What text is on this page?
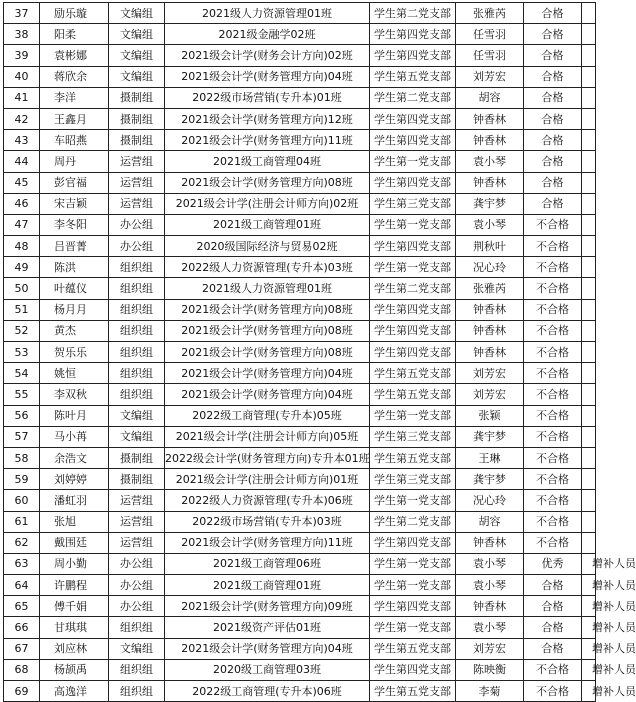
37	励乐璇	文编组	2021级人力资源管理01班	学生第二党支部	张雅芮	合格	
38	阳柔	文编组	2021级金融学02班	学生第四党支部	任雪羽	合格	
39	袁彬娜	文编组	2021级会计学(财务会计方向)02班	学生第四党支部	任雪羽	合格	
40	蒋欣余	文编组	2021级会计学(财务管理方向)04班	学生第五党支部	刘芳宏	合格	
41	李洋	摄制组	2022级市场营销(专升本)01班	学生第二党支部	胡容	合格	
42	王鑫月	摄制组	2021级会计学(财务管理方向)12班	学生第四党支部	钟香林	合格	
43	车昭燕	摄制组	2021级会计学(财务管理方向)11班	学生第四党支部	钟香林	合格	
44	周丹	运营组	2021级工商管理04班	学生第一党支部	袁小琴	合格	
45	彭官福	运营组	2021级会计学(财务管理方向)08班	学生第四党支部	钟香林	合格	
46	宋吉颖	运营组	2021级会计学(注册会计师方向)02班	学生第三党支部	龚宇梦	合格	
47	李冬阳	办公组	2021级工商管理01班	学生第一党支部	袁小琴	不合格	
48	吕晋菁	办公组	2020级国际经济与贸易02班	学生第四党支部	荆秋叶	不合格	
49	陈洪	组织组	2022级人力资源管理(专升本)03班	学生第一党支部	况心玲	不合格	
50	叶蕴仪	组织组	2021级人力资源管理01班	学生第二党支部	张雅芮	不合格	
51	杨月月	组织组	2021级会计学(财务管理方向)08班	学生第四党支部	钟香林	不合格	
52	黄杰	组织组	2021级会计学(财务管理方向)08班	学生第四党支部	钟香林	不合格	
53	贺乐乐	组织组	2021级会计学(财务管理方向)08班	学生第四党支部	钟香林	不合格	
54	姚恒	组织组	2021级会计学(财务管理方向)04班	学生第五党支部	刘芳宏	不合格	
55	李双秋	组织组	2021级会计学(财务管理方向)04班	学生第五党支部	刘芳宏	不合格	
56	陈叶月	文编组	2022级工商管理(专升本)05班	学生第一党支部	张颖	不合格	
57	马小苒	文编组	2021级会计学(注册会计师方向)05班	学生第三党支部	龚宇梦	不合格	
58	余浩文	摄制组	2022级会计学(财务管理方向)专升本01班	学生第五党支部	王琳	不合格	
59	刘婷婷	摄制组	2021级会计学(注册会计师方向)01班	学生第三党支部	龚宇梦	不合格	
60	潘虹羽	运营组	2022级人力资源管理(专升本)06班	学生第一党支部	况心玲	不合格	
61	张旭	运营组	2022级市场营销(专升本)03班	学生第二党支部	胡容	不合格	
62	戴围廷	运营组	2021级会计学(财务管理方向)11班	学生第四党支部	钟香林	不合格	
63	周小勤	办公组	2021级工商管理06班	学生第一党支部	袁小琴	优秀	增补人员
64	许鹏程	办公组	2021级工商管理01班	学生第一党支部	袁小琴	合格	增补人员
65	傅千娟	办公组	2021级会计学(财务管理方向)09班	学生第四党支部	钟香林	合格	增补人员
66	甘琪琪	组织组	2021级资产评估01班	学生第一党支部	袁小琴	合格	增补人员
67	刘应林	文编组	2021级会计学(财务管理方向)04班	学生第五党支部	刘芳宏	合格	增补人员
68	杨颉禹	组织组	2020级工商管理03班	学生第四党支部	陈映衡	不合格	增补人员
69	高逸洋	组织组	2022级工商管理(专升本)06班	学生第五党支部	李菊	不合格	增补人员
